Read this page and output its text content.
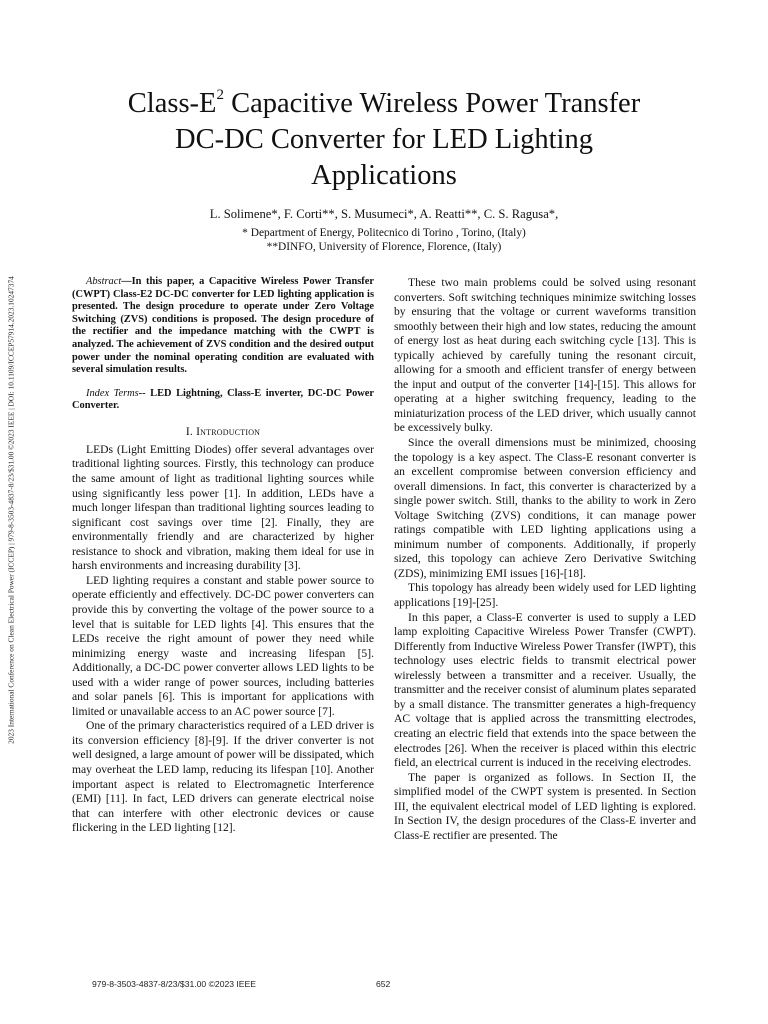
2023 International Conference on Clean Electrical Power (ICCEP) | 979-8-3503-4837-8/23/$31.00 ©2023 IEEE | DOI: 10.1109/ICCEP57914.2023.10247374
Class-$E^2$ Capacitive Wireless Power Transfer
DC-DC Converter for LED Lighting
Applications
L. Solimene*, F. Corti**, S. Musumeci*, A. Reatti**, C. S. Ragusa*,
* Department of Energy, Politecnico di Torino , Torino, (Italy)
**DINFO, University of Florence, Florence, (Italy)

Abstract—In this paper, a Capacitive Wireless Power Transfer (CWPT) Class-E2 DC-DC converter for LED lighting application is presented. The design procedure to operate under Zero Voltage Switching (ZVS) conditions is proposed. The design procedure of the rectifier and the impedance matching with the CWPT is analyzed. The achievement of ZVS condition and the desired output power under the nominal operating condition are evaluated with several simulation results.

Index Terms-- LED Lightning, Class-E inverter, DC-DC Power Converter.

I. Introduction

LEDs (Light Emitting Diodes) offer several advantages over traditional lighting sources. Firstly, this technology can produce the same amount of light as traditional lighting sources while using significantly less power [1]. In addition, LEDs have a much longer lifespan than traditional lighting sources leading to significant cost savings over time [2]. Finally, they are environmentally friendly and are characterized by higher resistance to shock and vibration, making them ideal for use in harsh environments and increasing durability [3].

LED lighting requires a constant and stable power source to operate efficiently and effectively. DC-DC power converters can provide this by converting the voltage of the power source to a level that is suitable for LED lights [4]. This ensures that the LEDs receive the right amount of power they need while minimizing energy waste and increasing lifespan [5]. Additionally, a DC-DC power converter allows LED lights to be used with a wider range of power sources, including batteries and solar panels [6]. This is important for applications with limited or unavailable access to an AC power source [7].

One of the primary characteristics required of a LED driver is its conversion efficiency [8]-[9]. If the driver converter is not well designed, a large amount of power will be dissipated, which may overheat the LED lamp, reducing its lifespan [10]. Another important aspect is related to Electromagnetic Interference (EMI) [11]. In fact, LED drivers can generate electrical noise that can interfere with other electronic devices or cause flickering in the LED lighting [12].

These two main problems could be solved using resonant converters. Soft switching techniques minimize switching losses by ensuring that the voltage or current waveforms transition smoothly between their high and low states, reducing the amount of energy lost as heat during each switching cycle [13]. This is typically achieved by carefully tuning the resonant circuit, allowing for a smooth and efficient transfer of energy between the input and output of the converter [14]-[15]. This allows for operating at a higher switching frequency, leading to the miniaturization process of the LED driver, which usually cannot be excessively bulky.

Since the overall dimensions must be minimized, choosing the topology is a key aspect. The Class-E resonant converter is an excellent compromise between conversion efficiency and overall dimensions. In fact, this converter is characterized by a single power switch. Still, thanks to the ability to work in Zero Voltage Switching (ZVS) conditions, it can manage power ratings compatible with LED lighting applications using a minimum number of components. Additionally, if properly sized, this topology can achieve Zero Derivative Switching (ZDS), minimizing EMI issues [16]-[18].

This topology has already been widely used for LED lighting applications [19]-[25].

In this paper, a Class-E converter is used to supply a LED lamp exploiting Capacitive Wireless Power Transfer (CWPT). Differently from Inductive Wireless Power Transfer (IWPT), this technology uses electric fields to transmit electrical power wirelessly between a transmitter and a receiver. Usually, the transmitter and the receiver consist of aluminum plates separated by a small distance. The transmitter generates a high-frequency AC voltage that is applied across the transmitting electrodes, creating an electric field that extends into the space between the electrodes [26]. When the receiver is placed within this electric field, an electrical current is induced in the receiving electrodes.

The paper is organized as follows. In Section II, the simplified model of the CWPT system is presented. In Section III, the equivalent electrical model of LED lighting is explored. In Section IV, the design procedures of the Class-E inverter and Class-E rectifier are presented. The

979-8-3503-4837-8/23/$31.00 ©2023 IEEE	652
